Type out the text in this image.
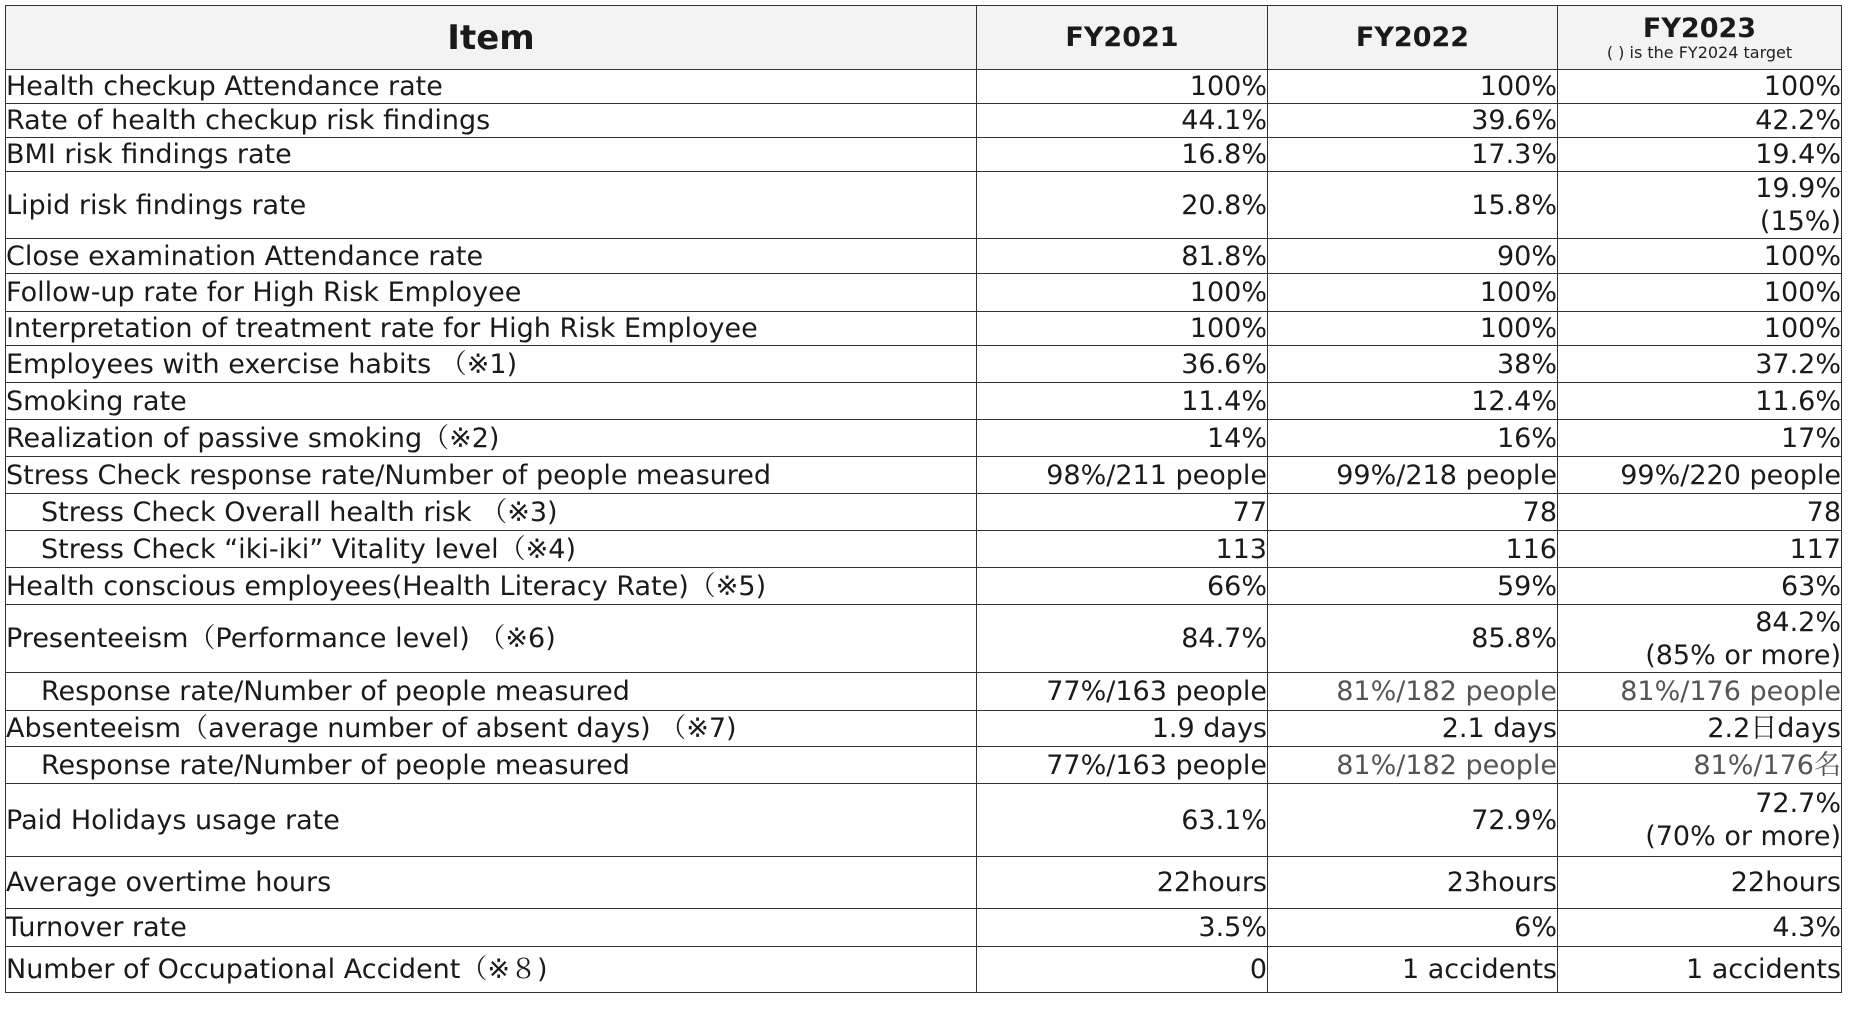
Item	FY2021	FY2022	FY2023
( ) is the FY2024 target

Health checkup Attendance rate	100%	100%	100%
Rate of health checkup risk findings	44.1%	39.6%	42.2%
BMI risk findings rate	16.8%	17.3%	19.4%
Lipid risk findings rate	20.8%	15.8%	19.9%
(15%)

Close examination Attendance rate	81.8%	90%	100%
Follow-up rate for High Risk Employee	100%	100%	100%
Interpretation of treatment rate for High Risk Employee	100%	100%	100%
Employees with exercise habits （※1)	36.6%	38%	37.2%
Smoking rate	11.4%	12.4%	11.6%
Realization of passive smoking（※2)	14%	16%	17%
Stress Check response rate/Number of people measured	98%/211 people	99%/218 people	99%/220 people
Stress Check Overall health risk （※3)	77	78	78
Stress Check “iki-iki” Vitality level（※4)	113	116	117
Health conscious employees(Health Literacy Rate)（※5)	66%	59%	63%
Presenteeism（Performance level) （※6)	84.7%	85.8%	84.2%
(85% or more)

Response rate/Number of people measured	77%/163 people	81%/182 people	81%/176 people
Absenteeism（average number of absent days) （※7)	1.9 days	2.1 days	2.2日days
Response rate/Number of people measured	77%/163 people	81%/182 people	81%/176名
Paid Holidays usage rate	63.1%	72.9%	72.7%
(70% or more)

Average overtime hours	22hours	23hours	22hours
Turnover rate	3.5%	6%	4.3%
Number of Occupational Accident（※８)	0	1 accidents	1 accidents
